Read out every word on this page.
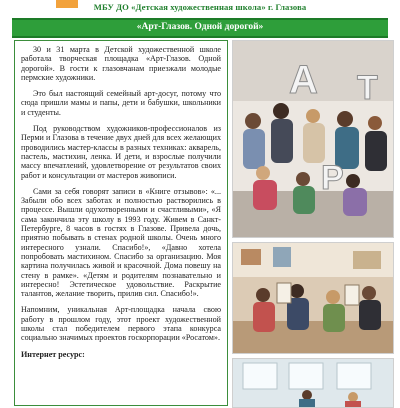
МБУ ДО «Детская художественная школа» г. Глазова
«Арт-Глазов. Одной дорогой»

30 и 31 марта в Детской художественной школе работала творческая площадка «Арт-Глазов. Одной дорогой». В гости к глазовчанам приезжали молодые пермские художники.

Это был настоящий семейный арт-досуг, потому что сюда пришли мамы и папы, дети и бабушки, школьники и студенты.

Под руководством художников-профессионалов из Перми и Глазова в течение двух дней для всех желающих проводились мастер-классы в разных техниках: акварель, пастель, мастихин, ленка. И дети, и взрослые получили массу впечатлений, удовлетворение от результатов своих работ и консультации от мастеров живописи.

Сами за себя говорят записи в «Книге отзывов»: «... Забыли обо всех заботах и полностью растворились в процессе. Вышли одухотворенными и счастливыми», «Я сама закончила эту школу в 1993 году. Живем в Санкт-Петербурге, 8 часов в гостях в Глазове. Привела дочь, приятно побывать в стенах родной школы. Очень много интересного узнали. Спасибо!», «Давно хотела попробовать мастихином. Спасибо за организацию. Моя картина получилась живой и красочной. Дома повешу на стену в рамке». «Детям и родителям познавательно и интересно! Эстетическое удовольствие. Раскрытие талантов, желание творить, прилив сил. Спасибо!».

Напомним, уникальная Арт-площадка начала свою работу в прошлом году, этот проект художественной школы стал победителем первого этапа конкурса социально значимых проектов госкорпорации «Росатом».

Интернет ресурс:

А
Р
Т
